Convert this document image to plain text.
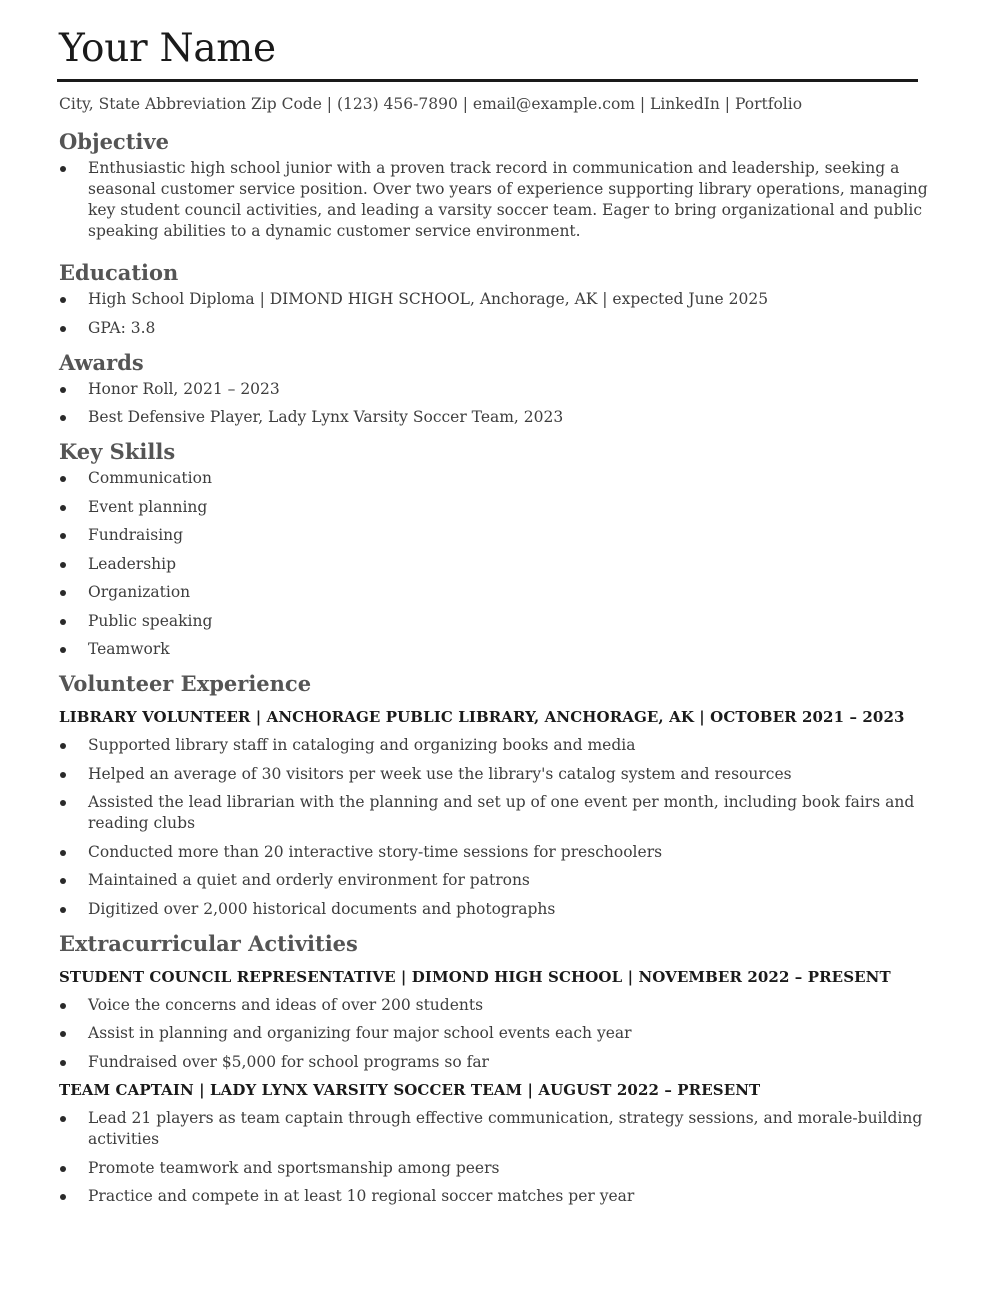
Your Name
City, State Abbreviation Zip Code | (123) 456-7890 | email@example.com | LinkedIn | Portfolio
Objective
Enthusiastic high school junior with a proven track record in communication and leadership, seeking a seasonal customer service position. Over two years of experience supporting library operations, managing key student council activities, and leading a varsity soccer team. Eager to bring organizational and public speaking abilities to a dynamic customer service environment.
Education
High School Diploma | DIMOND HIGH SCHOOL, Anchorage, AK | expected June 2025
GPA: 3.8
Awards
Honor Roll, 2021 – 2023
Best Defensive Player, Lady Lynx Varsity Soccer Team, 2023
Key Skills
Communication
Event planning
Fundraising
Leadership
Organization
Public speaking
Teamwork
Volunteer Experience
LIBRARY VOLUNTEER | ANCHORAGE PUBLIC LIBRARY, ANCHORAGE, AK | OCTOBER 2021 – 2023
Supported library staff in cataloging and organizing books and media
Helped an average of 30 visitors per week use the library's catalog system and resources
Assisted the lead librarian with the planning and set up of one event per month, including book fairs and reading clubs
Conducted more than 20 interactive story-time sessions for preschoolers
Maintained a quiet and orderly environment for patrons
Digitized over 2,000 historical documents and photographs
Extracurricular Activities
STUDENT COUNCIL REPRESENTATIVE | DIMOND HIGH SCHOOL | NOVEMBER 2022 – PRESENT
Voice the concerns and ideas of over 200 students
Assist in planning and organizing four major school events each year
Fundraised over $5,000 for school programs so far
TEAM CAPTAIN | LADY LYNX VARSITY SOCCER TEAM | AUGUST 2022 – PRESENT
Lead 21 players as team captain through effective communication, strategy sessions, and morale-building activities
Promote teamwork and sportsmanship among peers
Practice and compete in at least 10 regional soccer matches per year
